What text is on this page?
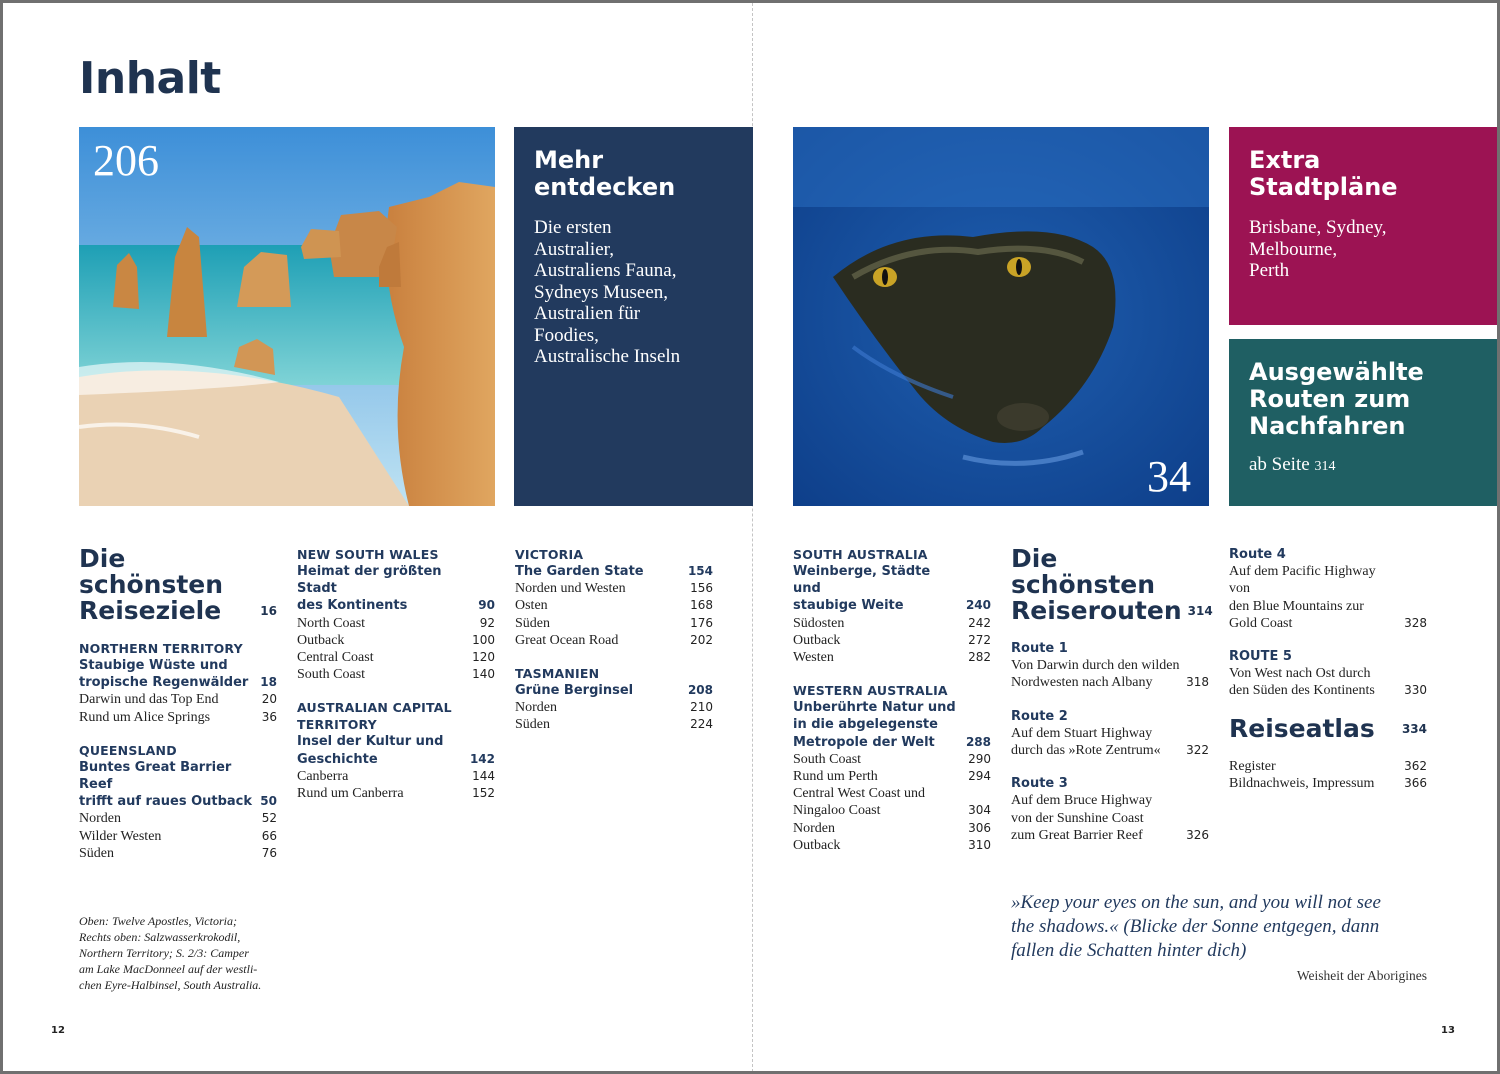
Inhalt
206	Mehr
entdecken

Die ersten
Australier,
Australiens Fauna,
Sydneys Museen,
Australien für
Foodies,
Australische Inseln

34
Extra
Stadtpläne

Brisbane, Sydney,
Melbourne,
Perth

Ausgewählte
Routen zum
Nachfahren

ab Seite 314

Die schönsten
Reiseziele	16
NORTHERN TERRITORY
Staubige Wüste und
tropische Regenwälder 18
Darwin und das Top End	20
Rund um Alice Springs	36
QUEENSLAND
Buntes Great Barrier Reef
trifft auf raues Outback 50
Norden	52
Wilder Westen	66
Süden	76
NEW SOUTH WALES
Heimat der größten Stadt
des Kontinents	90
North Coast	92
Outback	100
Central Coast	120
South Coast	140
AUSTRALIAN CAPITAL
TERRITORY
Insel der Kultur und
Geschichte	142
Canberra	144
Rund um Canberra	152
VICTORIA
The Garden State	154
Norden und Westen	156
Osten	168
Süden	176
Great Ocean Road	202
TASMANIEN
Grüne Berginsel	208
Norden	210
Süden	224
SOUTH AUSTRALIA
Weinberge, Städte und
staubige Weite	240
Südosten	242
Outback	272
Westen	282
WESTERN AUSTRALIA
Unberührte Natur und
in die abgelegenste
Metropole der Welt	288
South Coast	290
Rund um Perth	294
Central West Coast und
Ningaloo Coast	304
Norden	306
Outback	310
Die schönsten
Reiserouten 314
Route 1
Von Darwin durch den wilden
Nordwesten nach Albany	318
Route 2
Auf dem Stuart Highway
durch das »Rote Zentrum«	322
Route 3
Auf dem Bruce Highway
von der Sunshine Coast
zum Great Barrier Reef	326
Route 4
Auf dem Pacific Highway von
den Blue Mountains zur
Gold Coast	328
ROUTE 5
Von West nach Ost durch
den Süden des Kontinents	330
Reiseatlas	334
Register	362
Bildnachweis, Impressum	366
Oben: Twelve Apostles, Victoria;
Rechts oben: Salzwasserkrokodil,
Northern Territory; S. 2/3: Camper
am Lake MacDonneel auf der westli-
chen Eyre-Halbinsel, South Australia.
»Keep your eyes on the sun, and you will not see
the shadows.« (Blicke der Sonne entgegen, dann
fallen die Schatten hinter dich)
Weisheit der Aborigines
12	13
